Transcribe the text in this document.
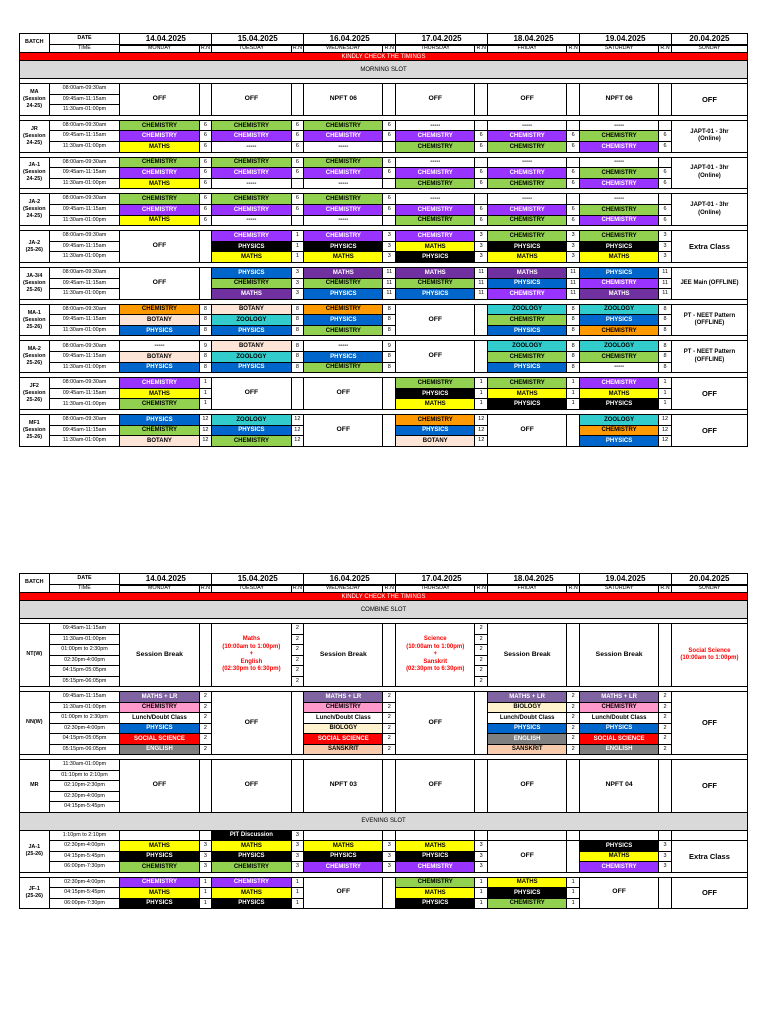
BATCH	DATE	14.04.2025		15.04.2025		16.04.2025		17.04.2025		18.04.2025		19.04.2025		20.04.2025
	TIME	MONDAY	R.N	TUESDAY	R.N	WEDNESDAY	R.N	THURSDAY	R.N	FRIDAY	R.N	SATURDAY	R.N	SUNDAY
KINDLY CHECK THE TIMINGS														
MORNING SLOT														

MA
(Session
24-25)	08:00am-09:30am	OFF		OFF		NPFT 06		OFF		OFF		NPFT 06		OFF
	09:45am-11:15am													
	11:30am-01:00pm													

JR
(Session
24-25)	08:00am-09:30am	CHEMISTRY	6	CHEMISTRY	6	CHEMISTRY	6	-----		-----		-----		JAPT-01 - 3hr
(Online)
	09:45am-11:15am	CHEMISTRY	6	CHEMISTRY	6	CHEMISTRY	6	CHEMISTRY	6	CHEMISTRY	6	CHEMISTRY	6	
	11:30am-01:00pm	MATHS	6	-----	6	-----		CHEMISTRY	6	CHEMISTRY	6	CHEMISTRY	6	

JA-1
(Session
24-25)	08:00am-09:30am	CHEMISTRY	6	CHEMISTRY	6	CHEMISTRY	6	-----		-----		-----		JAPT-01 - 3hr
(Online)
	09:45am-11:15am	CHEMISTRY	6	CHEMISTRY	6	CHEMISTRY	6	CHEMISTRY	6	CHEMISTRY	6	CHEMISTRY	6	
	11:30am-01:00pm	MATHS	6	-----		-----		CHEMISTRY	6	CHEMISTRY	6	CHEMISTRY	6	

JA-2
(Session
24-25)	08:00am-09:30am	CHEMISTRY	6	CHEMISTRY	6	CHEMISTRY	6	-----		-----		-----		JAPT-01 - 3hr
(Online)
	09:45am-11:15am	CHEMISTRY	6	CHEMISTRY	6	CHEMISTRY	6	CHEMISTRY	6	CHEMISTRY	6	CHEMISTRY	6	
	11:30am-01:00pm	MATHS	6	-----		-----		CHEMISTRY	6	CHEMISTRY	6	CHEMISTRY	6	

JA-2
(25-26)	08:00am-09:30am	OFF		CHEMISTRY	1	CHEMISTRY	3	CHEMISTRY	3	CHEMISTRY	3	CHEMISTRY	3	Extra Class
	09:45am-11:15am			PHYSICS	1	PHYSICS	3	MATHS	3	PHYSICS	3	PHYSICS	3	
	11:30am-01:00pm			MATHS	1	MATHS	3	PHYSICS	3	MATHS	3	MATHS	3	

JA-3/4
(Session
25-26)	08:00am-09:30am	OFF		PHYSICS	3	MATHS	11	MATHS	11	MATHS	11	PHYSICS	11	JEE Main (OFFLINE)
	09:45am-11:15am			CHEMISTRY	3	CHEMISTRY	11	CHEMISTRY	11	PHYSICS	11	CHEMISTRY	11	
	11:30am-01:00pm			MATHS	3	PHYSICS	11	PHYSICS	11	CHEMISTRY	11	MATHS	11	

MA-1
(Session
25-26)	08:00am-09:30am	CHEMISTRY	8	BOTANY	8	CHEMISTRY	8	OFF		ZOOLOGY	8	ZOOLOGY	8	PT - NEET Pattern
(OFFLINE)
	09:45am-11:15am	BOTANY	8	ZOOLOGY	8	PHYSICS	8			CHEMISTRY	8	PHYSICS	8	
	11:30am-01:00pm	PHYSICS	8	PHYSICS	8	CHEMISTRY	8			PHYSICS	8	CHEMISTRY	8	

MA-2
(Session
25-26)	08:00am-09:30am	-----	9	BOTANY	8	-----	9	OFF		ZOOLOGY	8	ZOOLOGY	8	PT - NEET Pattern
(OFFLINE)
	09:45am-11:15am	BOTANY	8	ZOOLOGY	8	PHYSICS	8			CHEMISTRY	8	CHEMISTRY	8	
	11:30am-01:00pm	PHYSICS	8	PHYSICS	8	CHEMISTRY	8			PHYSICS	8	-----	8	

JF2
(Session
25-26)	08:00am-09:30am	CHEMISTRY	1	OFF		OFF		CHEMISTRY	1	CHEMISTRY	1	CHEMISTRY	1	OFF
	09:45am-11:15am	MATHS	1					PHYSICS	1	MATHS	1	MATHS	1	
	11:30am-01:00pm	CHEMISTRY	1					MATHS	1	PHYSICS	1	PHYSICS	1	

MF1
(Session
25-26)	08:00am-09:30am	PHYSICS	12	ZOOLOGY	12	OFF		CHEMISTRY	12	OFF		ZOOLOGY	12	OFF
	09:45am-11:15am	CHEMISTRY	12	PHYSICS	12			PHYSICS	12			CHEMISTRY	12	
	11:30am-01:00pm	BOTANY	12	CHEMISTRY	12			BOTANY	12			PHYSICS	12	
BATCH	DATE	14.04.2025		15.04.2025		16.04.2025		17.04.2025		18.04.2025		19.04.2025		20.04.2025
	TIME	MONDAY	R.N	TUESDAY	R.N	WEDNESDAY	R.N	THURSDAY	R.N	FRIDAY	R.N	SATURDAY	R.N	SUNDAY
KINDLY CHECK THE TIMINGS														
COMBINE SLOT														

NT(W)	09:45am-11:15am	Session Break		Maths
(10:00am to 1:00pm)
+
English
(02:30pm to 6:30pm)	2	Session Break		Science
(10:00am to 1:00pm)
+
Sanskrit
(02:30pm to 6:30pm)	2	Session Break		Session Break		Social Science
(10:00am to 1:00pm)
	11:30am-01:00pm				2				2					
	01:00pm to 2:30pm				2				2					
	02:30pm-4:00pm				2				2					
	04:15pm-05:05pm				2				2					
	05:15pm-06:05pm				2				2					

NN(W)	09:45am-11:15am	MATHS + LR	2	OFF		MATHS + LR	2	OFF		MATHS + LR	2	MATHS + LR	2	OFF
	11:30am-01:00pm	CHEMISTRY	2			CHEMISTRY	2			BIOLOGY	2	CHEMISTRY	2	
	01:00pm to 2:30pm	Lunch/Doubt Class	2			Lunch/Doubt Class	2			Lunch/Doubt Class	2	Lunch/Doubt Class	2	
	02:30pm-4:00pm	PHYSICS	2			BIOLOGY	2			PHYSICS	2	PHYSICS	2	
	04:15pm-05:05pm	SOCIAL SCIENCE	2			SOCIAL SCIENCE	2			ENGLISH	2	SOCIAL SCIENCE	2	
	05:15pm-06:05pm	ENGLISH	2			SANSKRIT	2			SANSKRIT	2	ENGLISH	2	

MR	11:30am-01:00pm	OFF		OFF		NPFT 03		OFF		OFF		NPFT 04		OFF
	01:10pm to 2:10pm													
	02:10pm-2:30pm													
	02:30pm-4:00pm													
	04:15pm-5:45pm													
EVENING SLOT														
JA-1
(25-26)	1:10pm to 2:10pm			PIT Discussion	3									
	02:30pm-4:00pm	MATHS	3	MATHS	3	MATHS	3	MATHS	3	OFF		PHYSICS	3	Extra Class
	04:15pm-5:45pm	PHYSICS	3	PHYSICS	3	PHYSICS	3	PHYSICS	3			MATHS	3	
	06:00pm-7:30pm	CHEMISTRY	3	CHEMISTRY	3	CHEMISTRY	3	CHEMISTRY	3			CHEMISTRY	3	

JF-1
(25-26)	02:30pm-4:00pm	CHEMISTRY	1	CHEMISTRY	1	OFF		CHEMISTRY	1	MATHS	1	OFF		OFF
	04:15pm-5:45pm	MATHS	1	MATHS	1			MATHS	1	PHYSICS	1			
	06:00pm-7:30pm	PHYSICS	1	PHYSICS	1			PHYSICS	1	CHEMISTRY	1			
